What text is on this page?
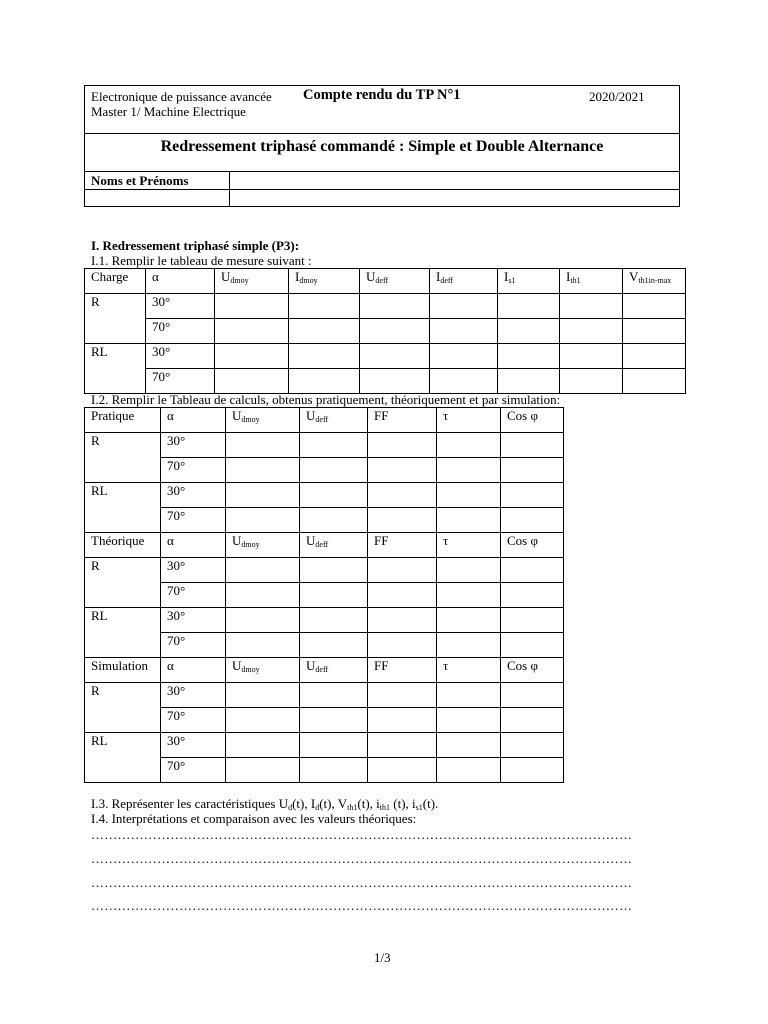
Electronique de puissance avancée
Master 1/ Machine Electrique
Compte rendu du TP N°1	2020/2021
Redressement triphasé commandé : Simple et Double Alternance
Noms et Prénoms
I. Redressement triphasé simple (P3):
I.1. Remplir le tableau de mesure suivant :
Charge	α	$U_{dmoy}$	$I_{dmoy}$	$U_{deff}$	$I_{deff}$	$I_{s1}$	$I_{th1}$	$V_{th1in-max}$
R	30°							
	70°							
RL	30°							
	70°							
I.2. Remplir le Tableau de calculs, obtenus pratiquement, théoriquement et par simulation:
Pratique	α	$U_{dmoy}$	$U_{deff}$	FF	τ	Cos φ
R	30°					
	70°					
RL	30°					
	70°					
Théorique	α	$U_{dmoy}$	$U_{deff}$	FF	τ	Cos φ
R	30°					
	70°					
RL	30°					
	70°					
Simulation	α	$U_{dmoy}$	$U_{deff}$	FF	τ	Cos φ
R	30°					
	70°					
RL	30°					
	70°					
I.3. Représenter les caractéristiques $U_d(t)$, $I_d(t)$, $V_{th1}(t)$, $i_{th1}$ (t), $i_{s1}(t)$.
I.4. Interprétations et comparaison avec les valeurs théoriques:
……………………………………………………………………………………………………………
……………………………………………………………………………………………………………
……………………………………………………………………………………………………………
……………………………………………………………………………………………………………
1/3
